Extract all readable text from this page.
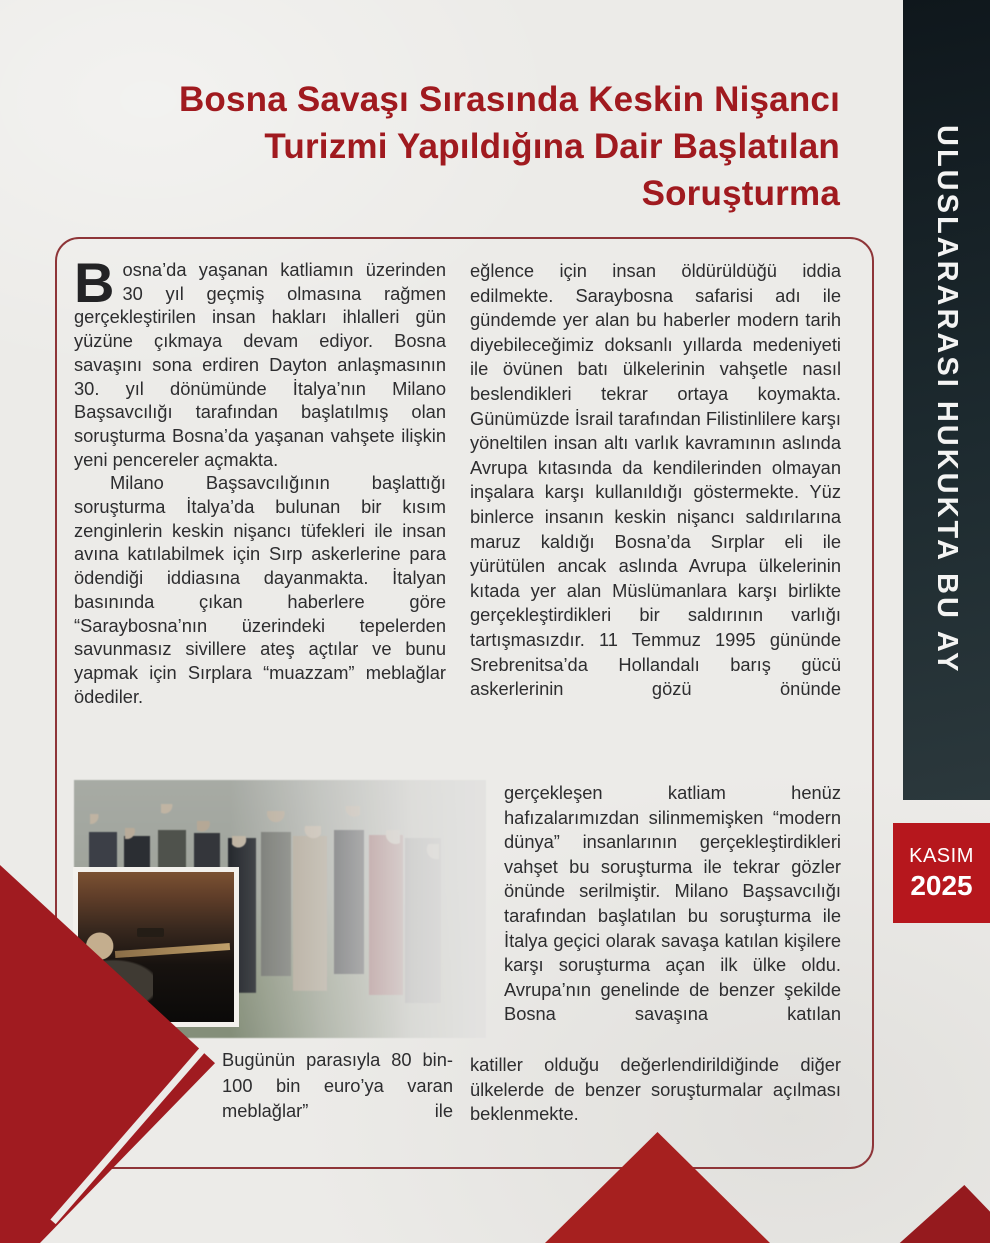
Bosna Savaşı Sırasında Keskin Nişancı
Turizmi Yapıldığına Dair Başlatılan
Soruşturma

Bosna’da yaşanan katliamın üzerinden 30 yıl geçmiş olmasına rağmen gerçekleştirilen insan hakları ihlalleri gün yüzüne çıkmaya devam ediyor. Bosna savaşını sona erdiren Dayton anlaşmasının 30. yıl dönümünde İtalya’nın Milano Başsavcılığı tarafından başlatılmış olan soruşturma Bosna’da yaşanan vahşete ilişkin yeni pencereler açmakta.

Milano Başsavcılığının başlattığı soruşturma İtalya’da bulunan bir kısım zenginlerin keskin nişancı tüfekleri ile insan avına katılabilmek için Sırp askerlerine para ödendiği iddiasına dayanmakta. İtalyan basınında çıkan haberlere göre “Saraybosna’nın üzerindeki tepelerden savunmasız sivillere ateş açtılar ve bunu yapmak için Sırplara “muazzam” meblağlar ödediler.

Bugünün parasıyla 80 bin-100 bin euro’ya varan meblağlar” ile
eğlence için insan öldürüldüğü iddia edilmekte. Saraybosna safarisi adı ile gündemde yer alan bu haberler modern tarih diyebileceğimiz doksanlı yıllarda medeniyeti ile övünen batı ülkelerinin vahşetle nasıl beslendikleri tekrar ortaya koymakta. Günümüzde İsrail tarafından Filistinlilere karşı yöneltilen insan altı varlık kavramının aslında Avrupa kıtasında da kendilerinden olmayan inşalara karşı kullanıldığı göstermekte. Yüz binlerce insanın keskin nişancı saldırılarına maruz kaldığı Bosna’da Sırplar eli ile yürütülen ancak aslında Avrupa ülkelerinin kıtada yer alan Müslümanlara karşı birlikte gerçekleştirdikleri bir saldırının varlığı tartışmasızdır. 11 Temmuz 1995 gününde Srebrenitsa’da Hollandalı barış gücü askerlerinin gözü önünde
gerçekleşen katliam henüz hafızalarımızdan silinmemişken “modern dünya” insanlarının gerçekleştirdikleri vahşet bu soruşturma ile tekrar gözler önünde serilmiştir. Milano Başsavcılığı tarafından başlatılan bu soruşturma ile İtalya geçici olarak savaşa katılan kişilere karşı soruşturma açan ilk ülke oldu. Avrupa’nın genelinde de benzer şekilde Bosna savaşına katılan
katiller olduğu değerlendirildiğinde diğer ülkelerde de benzer soruşturmalar açılması beklenmekte.
ULUSLARARASI HUKUKTA BU AY
KASIM
2025
